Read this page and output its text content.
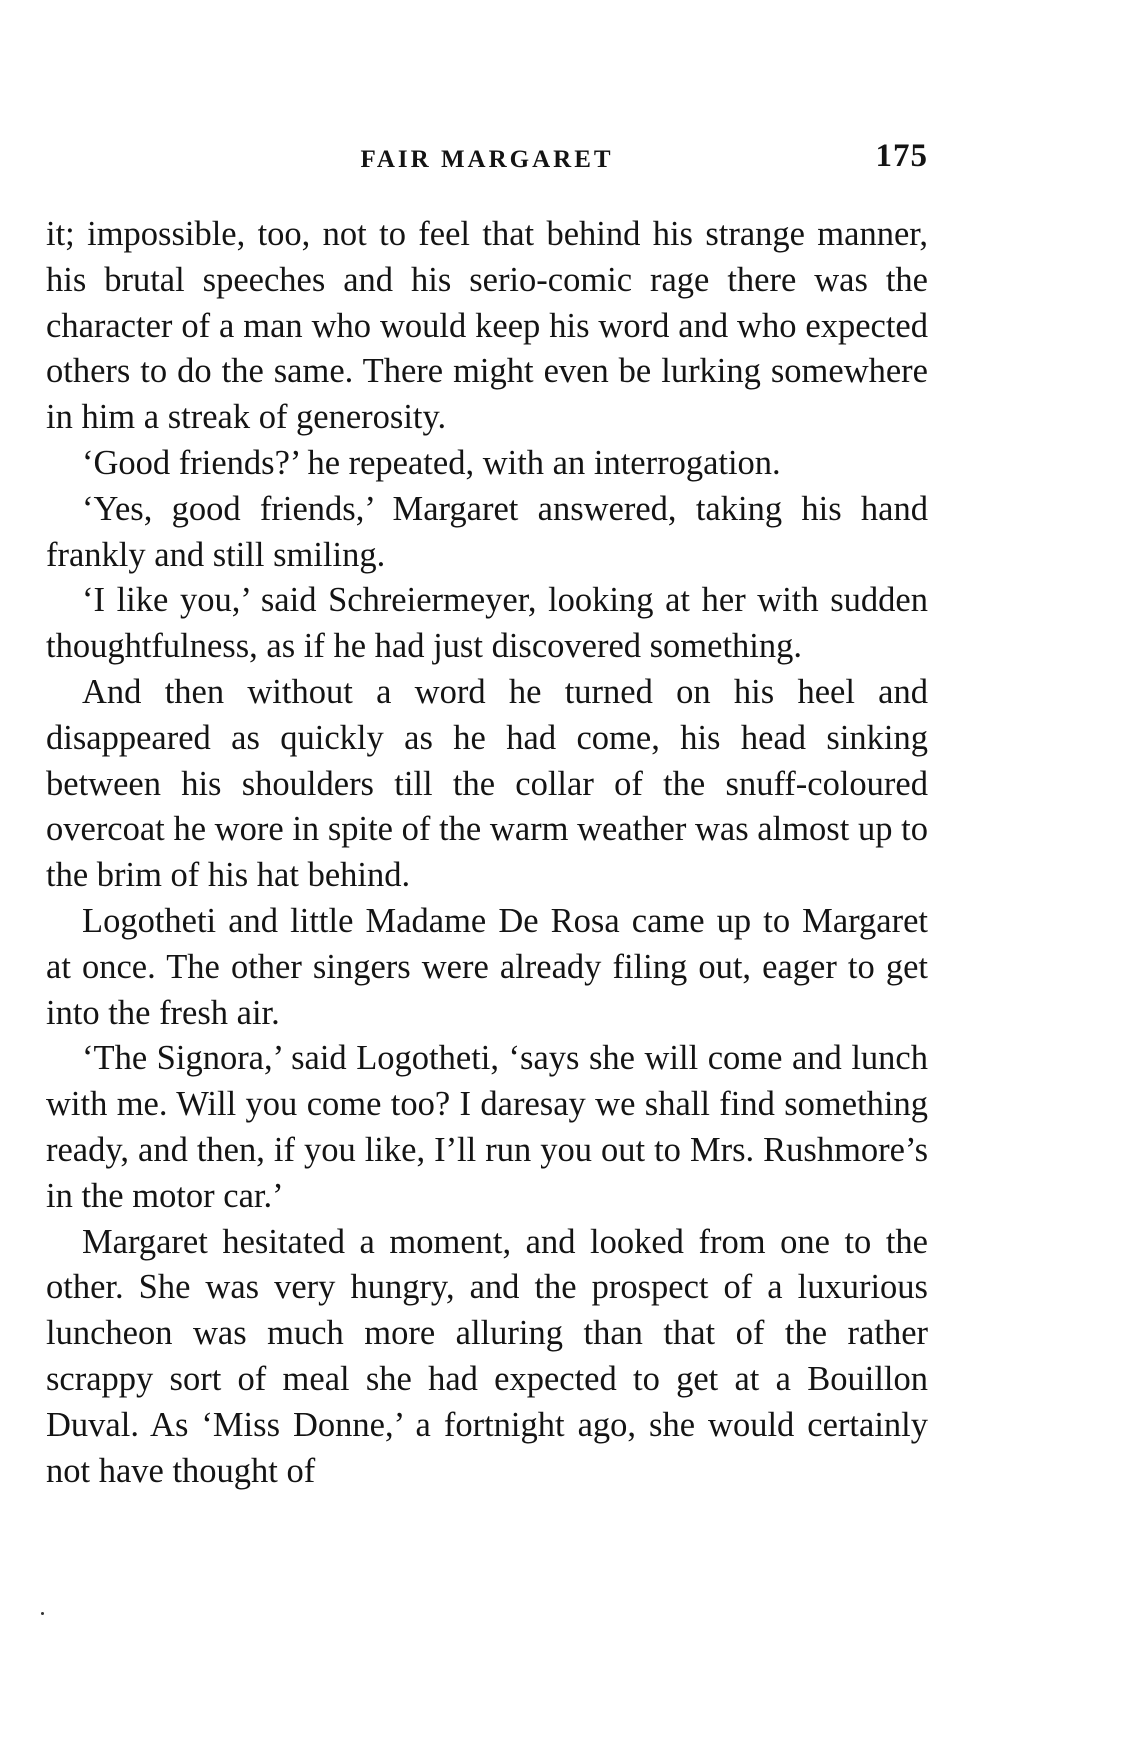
FAIR MARGARET	175

it; impossible, too, not to feel that behind his strange manner, his brutal speeches and his serio-comic rage there was the character of a man who would keep his word and who expected others to do the same. There might even be lurking somewhere in him a streak of generosity.

‘Good friends?’ he repeated, with an interrogation.

‘Yes, good friends,’ Margaret answered, taking his hand frankly and still smiling.

‘I like you,’ said Schreiermeyer, looking at her with sudden thoughtfulness, as if he had just discovered something.

And then without a word he turned on his heel and disappeared as quickly as he had come, his head sinking between his shoulders till the collar of the snuff-coloured overcoat he wore in spite of the warm weather was almost up to the brim of his hat behind.

Logotheti and little Madame De Rosa came up to Margaret at once. The other singers were already filing out, eager to get into the fresh air.

‘The Signora,’ said Logotheti, ‘says she will come and lunch with me. Will you come too? I daresay we shall find something ready, and then, if you like, I’ll run you out to Mrs. Rushmore’s in the motor car.’

Margaret hesitated a moment, and looked from one to the other. She was very hungry, and the prospect of a luxurious luncheon was much more alluring than that of the rather scrappy sort of meal she had expected to get at a Bouillon Duval. As ‘Miss Donne,’ a fortnight ago, she would certainly not have thought of
